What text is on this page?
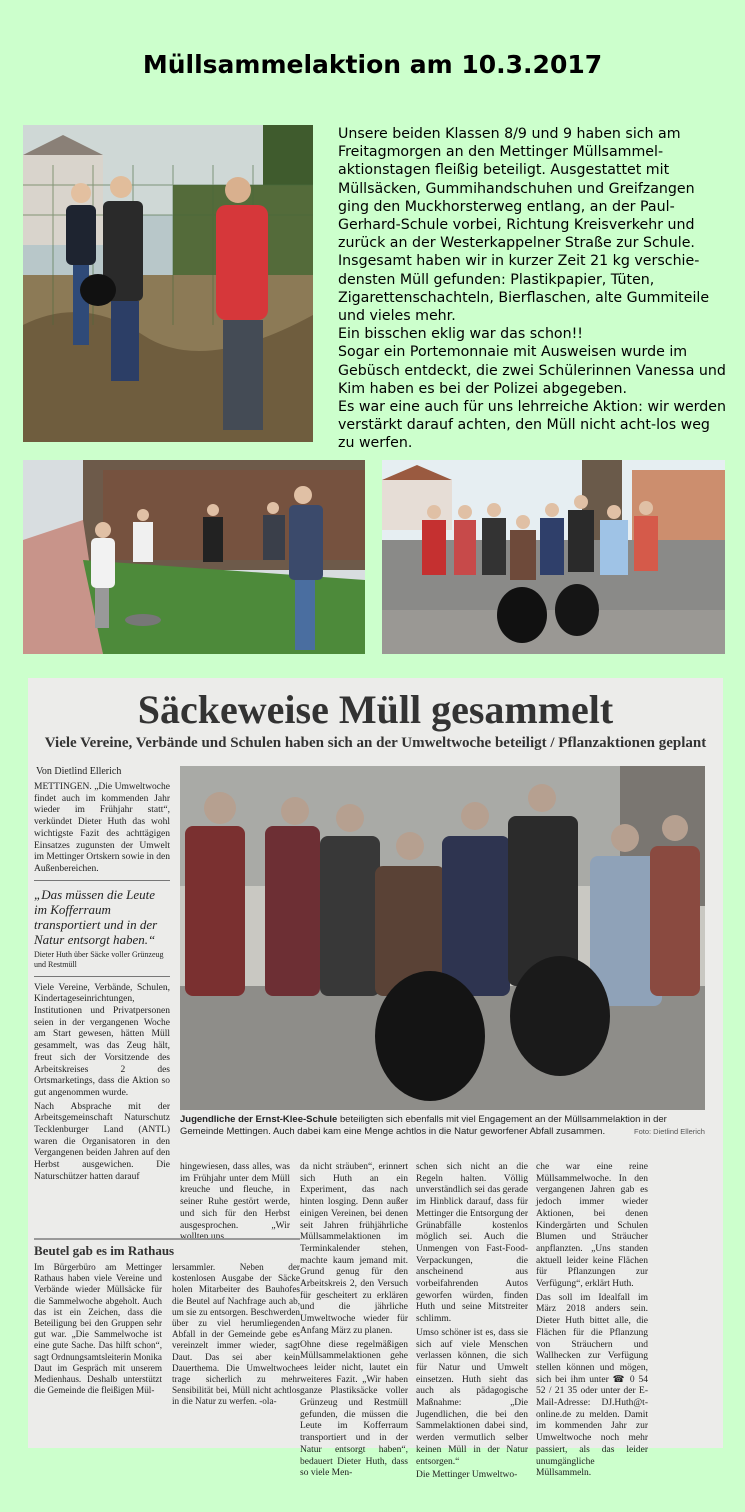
Müllsammelaktion am 10.3.2017

Unsere beiden Klassen 8/9 und 9 haben sich am Freitagmorgen an den Mettinger Müllsammel-aktionstagen fleißig beteiligt. Ausgestattet mit Müllsäcken, Gummihandschuhen und Greifzangen ging den Muckhorsterweg entlang, an der Paul-Gerhard-Schule vorbei, Richtung Kreisverkehr und zurück an der Westerkappelner Straße zur Schule. Insgesamt haben wir in kurzer Zeit 21 kg verschie-densten Müll gefunden: Plastikpapier, Tüten, Zigarettenschachteln, Bierflaschen, alte Gummiteile und vieles mehr.

Ein bisschen eklig war das schon!!

Sogar ein Portemonnaie mit Ausweisen wurde im Gebüsch entdeckt, die zwei Schülerinnen Vanessa und Kim haben es bei der Polizei abgegeben.

Es war eine auch für uns lehrreiche Aktion: wir werden verstärkt darauf achten, den Müll nicht acht-los weg zu werfen.

Säckeweise Müll gesammelt
Viele Vereine, Verbände und Schulen haben sich an der Umweltwoche beteiligt / Pflanzaktionen geplant
Von Dietlind Ellerich

METTINGEN. „Die Umweltwoche findet auch im kommenden Jahr wieder im Frühjahr statt“, verkündet Dieter Huth das wohl wichtigste Fazit des achttägigen Einsatzes zugunsten der Umwelt im Mettinger Ortskern sowie in den Außenbereichen.

„Das müssen die Leute im Kofferraum transportiert und in der Natur entsorgt haben.“
Dieter Huth über Säcke voller Grünzeug und Restmüll

Viele Vereine, Verbände, Schulen, Kindertageseinrichtungen, Institutionen und Privatpersonen seien in der vergangenen Woche am Start gewesen, hätten Müll gesammelt, was das Zeug hält, freut sich der Vorsitzende des Arbeitskreises 2 des Ortsmarketings, dass die Aktion so gut angenommen wurde.

Nach Absprache mit der Arbeitsgemeinschaft Naturschutz Tecklenburger Land (ANTL) waren die Organisatoren in den Vergangenen beiden Jahren auf den Herbst ausgewichen. Die Naturschützer hatten darauf

Jugendliche der Ernst-Klee-Schule beteiligten sich ebenfalls mit viel Engagement an der Müllsammelaktion in der Gemeinde Mettingen. Auch dabei kam eine Menge achtlos in die Natur geworfener Abfall zusammen.	Foto: Dietlind Ellerich

hingewiesen, dass alles, was im Frühjahr unter dem Müll kreuche und fleuche, in seiner Ruhe gestört werde, und sich für den Herbst ausgesprochen. „Wir wollten uns

da nicht sträuben“, erinnert sich Huth an ein Experiment, das nach hinten losging. Denn außer einigen Vereinen, bei denen seit Jahren frühjährliche Müllsammelaktionen im Terminkalender stehen, machte kaum jemand mit. Grund genug für den Arbeitskreis 2, den Versuch für gescheitert zu erklären und die jährliche Umweltwoche wieder für Anfang März zu planen.

Ohne diese regelmäßigen Müllsammelaktionen gehe es leider nicht, lautet ein weiteres Fazit. „Wir haben ganze Plastiksäcke voller Grünzeug und Restmüll gefunden, die müssen die Leute im Kofferraum transportiert und in der Natur entsorgt haben“, bedauert Dieter Huth, dass so viele Men-

schen sich nicht an die Regeln halten. Völlig unverständlich sei das gerade im Hinblick darauf, dass für Mettinger die Entsorgung der Grünabfälle kostenlos möglich sei. Auch die Unmengen von Fast-Food-Verpackungen, die anscheinend aus vorbeifahrenden Autos geworfen würden, finden Huth und seine Mitstreiter schlimm.

Umso schöner ist es, dass sie sich auf viele Menschen verlassen können, die sich für Natur und Umwelt einsetzen. Huth sieht das auch als pädagogische Maßnahme: „Die Jugendlichen, die bei den Sammelaktionen dabei sind, werden vermutlich selber keinen Müll in der Natur entsorgen.“

Die Mettinger Umweltwo-

che war eine reine Müllsammelwoche. In den vergangenen Jahren gab es jedoch immer wieder Aktionen, bei denen Kindergärten und Schulen Blumen und Sträucher anpflanzten. „Uns standen aktuell leider keine Flächen für Pflanzungen zur Verfügung“, erklärt Huth.

Das soll im Idealfall im März 2018 anders sein. Dieter Huth bittet alle, die Flächen für die Pflanzung von Sträuchern und Wallhecken zur Verfügung stellen können und mögen, sich bei ihm unter ☎ 0 54 52 / 21 35 oder unter der E-Mail-Adresse: DJ.Huth@t-online.de zu melden. Damit im kommenden Jahr zur Umweltwoche noch mehr passiert, als das leider unumgängliche Müllsammeln.

Beutel gab es im Rathaus

Im Bürgerbüro am Mettinger Rathaus haben viele Vereine und Verbände wieder Müllsäcke für die Sammelwoche abgeholt. Auch das ist ein Zeichen, dass die Beteiligung bei den Gruppen sehr gut war. „Die Sammelwoche ist eine gute Sache. Das hilft schon“, sagt Ordnungsamtsleiterin Monika Daut im Gespräch mit unserem Medienhaus. Deshalb unterstützt die Gemeinde die fleißigen Mül-

lersammler. Neben der kostenlosen Ausgabe der Säcke holen Mitarbeiter des Bauhofes die Beutel auf Nachfrage auch ab, um sie zu entsorgen. Beschwerden über zu viel herumliegenden Abfall in der Gemeinde gebe es vereinzelt immer wieder, sagt Daut. Das sei aber kein Dauerthema. Die Umweltwoche trage sicherlich zu mehr Sensibilität bei, Müll nicht achtlos in die Natur zu werfen. -ola-
